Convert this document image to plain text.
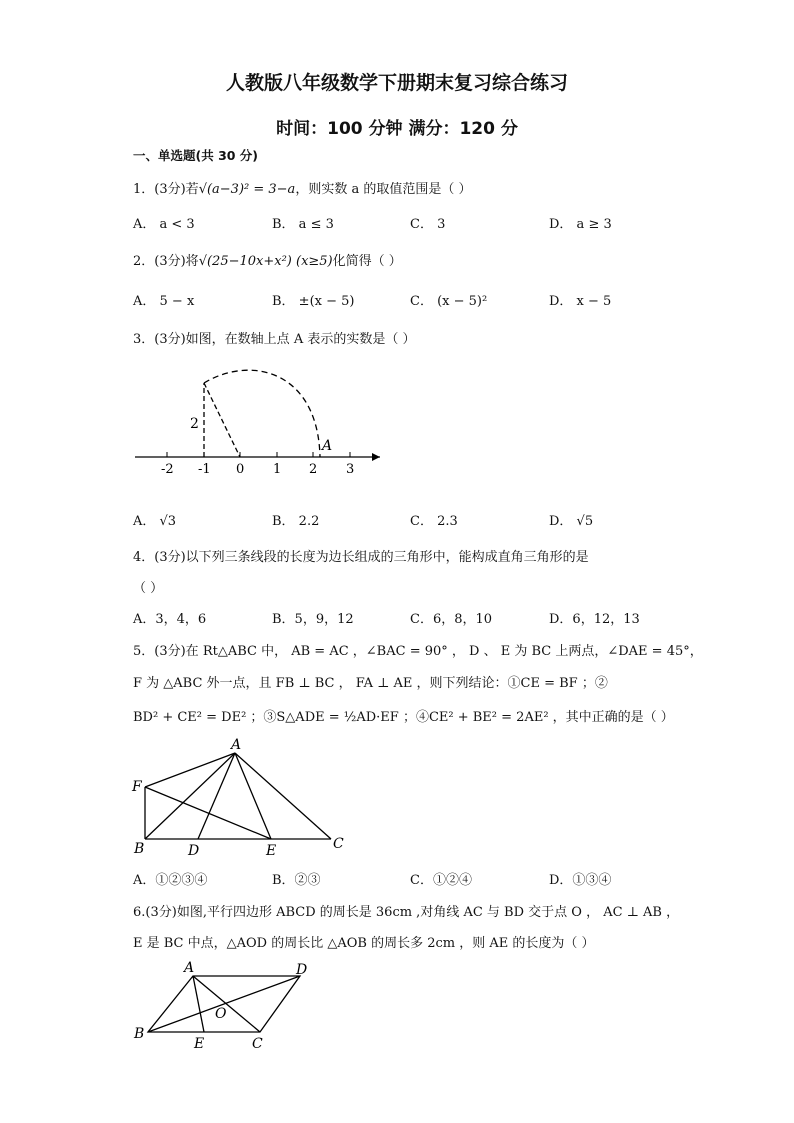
人教版八年级数学下册期末复习综合练习
时间：100 分钟 满分：120 分
一、单选题(共 30 分)
1．(3分)若√(a−3)² = 3−a，则实数 a 的取值范围是（ ）
A． a < 3	B． a ≤ 3	C． 3	D． a ≥ 3
2．(3分)将√(25−10x+x²) (x≥5)化简得（ ）
A． 5 − x	B． ±(x − 5)	C． (x − 5)²	D． x − 5
3．(3分)如图，在数轴上点 A 表示的实数是（ ）
-2 -1 0 1 2 3
2
A
A． √3	B． 2.2	C． 2.3	D． √5
4．(3分)以下列三条线段的长度为边长组成的三角形中，能构成直角三角形的是
（ ）
A．3，4，6	B．5，9，12	C．6，8，10	D．6，12，13
5．(3分)在 Rt△ABC 中， AB = AC ，∠BAC = 90° ， D 、 E 为 BC 上两点，∠DAE = 45°，
F 为 △ABC 外一点，且 FB ⊥ BC ， FA ⊥ AE ，则下列结论：①CE = BF ；②
BD² + CE² = DE² ；③S△ADE = ½AD·EF ；④CE² + BE² = 2AE² ，其中正确的是（ ）
A
F
B	D	E	C
A．①②③④	B．②③	C．①②④	D．①③④
6.(3分)如图,平行四边形 ABCD 的周长是 36cm ,对角线 AC 与 BD 交于点 O ， AC ⊥ AB ，
E 是 BC 中点，△AOD 的周长比 △AOB 的周长多 2cm ，则 AE 的长度为（ ）
A	D
O
B
E	C
